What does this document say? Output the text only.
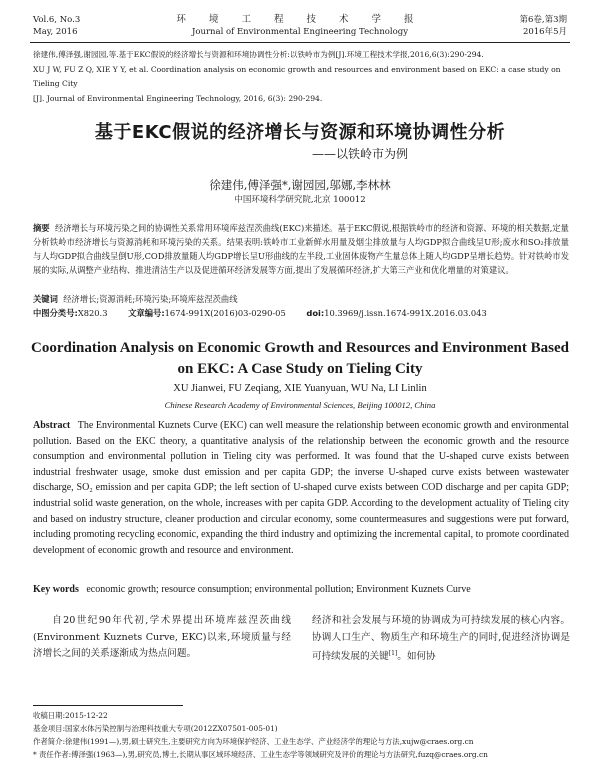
Vol.6, No.3
May, 2016
环 境 工 程 技 术 学 报
Journal of Environmental Engineering Technology
第6卷,第3期
2016年5月
徐建伟,傅泽强,谢园园,等.基于EKC假说的经济增长与资源和环境协调性分析:以铁岭市为例[J].环境工程技术学报,2016,6(3):290-294.
XU J W, FU Z Q, XIE Y Y, et al. Coordination analysis on economic growth and resources and environment based on EKC: a case study on Tieling City
[J]. Journal of Environmental Engineering Technology, 2016, 6(3): 290-294.
基于EKC假说的经济增长与资源和环境协调性分析
——以铁岭市为例
徐建伟,傅泽强*,谢园园,邬娜,李林林
中国环境科学研究院,北京 100012
摘要 经济增长与环境污染之间的协调性关系常用环境库兹涅茨曲线(EKC)来描述。基于EKC假说,根据铁岭市的经济和资源、环境的相关数据,定量分析铁岭市经济增长与资源消耗和环境污染的关系。结果表明:铁岭市工业新鲜水用量及烟尘排放量与人均GDP拟合曲线呈U形;废水和SO₂排放量与人均GDP拟合曲线呈倒U形,COD排放量随人均GDP增长呈U形曲线的左半段,工业固体废物产生量总体上随人均GDP呈增长趋势。针对铁岭市发展的实际,从调整产业结构、推进清洁生产以及促进循环经济发展等方面,提出了发展循环经济,扩大第三产业和优化增量的对策建议。
关键词 经济增长;资源消耗;环境污染;环境库兹涅茨曲线
中图分类号:X820.3 文章编号:1674-991X(2016)03-0290-05 doi:10.3969/j.issn.1674-991X.2016.03.043
Coordination Analysis on Economic Growth and Resources and Environment Based on EKC: A Case Study on Tieling City
XU Jianwei, FU Zeqiang, XIE Yuanyuan, WU Na, LI Linlin
Chinese Research Academy of Environmental Sciences, Beijing 100012, China
Abstract The Environmental Kuznets Curve (EKC) can well measure the relationship between economic growth and environmental pollution. Based on the EKC theory, a quantitative analysis of the relationship between the economic growth and the resource consumption and environmental pollution in Tieling city was performed. It was found that the U-shaped curve exists between industrial freshwater usage, smoke dust emission and per capita GDP; the inverse U-shaped curve exists between wastewater discharge, SO₂ emission and per capita GDP; the left section of U-shaped curve exists between COD discharge and per capita GDP; industrial solid waste generation, on the whole, increases with per capita GDP. According to the development actuality of Tieling city and based on industry structure, cleaner production and circular economy, some countermeasures and suggestions were put forward, including promoting recycling economic, expanding the third industry and optimizing the incremental capital, to promote coordinated development of economic growth and resource and environment.
Key words economic growth; resource consumption; environmental pollution; Environment Kuznets Curve

自20世纪90年代初,学术界提出环境库兹涅茨曲线(Environment Kuznets Curve, EKC)以来,环境质量与经济增长之间的关系逐渐成为热点问题。

经济和社会发展与环境的协调成为可持续发展的核心内容。协调人口生产、物质生产和环境生产的同时,促进经济协调是可持续发展的关键[1]。如何协

收稿日期:2015-12-22
基金项目:国家水体污染控制与治理科技重大专项(2012ZX07501-005-01)
作者简介:徐建伟(1991—),男,硕士研究生,主要研究方向为环境保护经济、工业生态学、产业经济学的理论与方法,xujw@craes.org.cn
* 责任作者:傅泽强(1963—),男,研究员,博士,长期从事区域环境经济、工业生态学等领域研究及评价的理论与方法研究,fuzq@craes.org.cn
